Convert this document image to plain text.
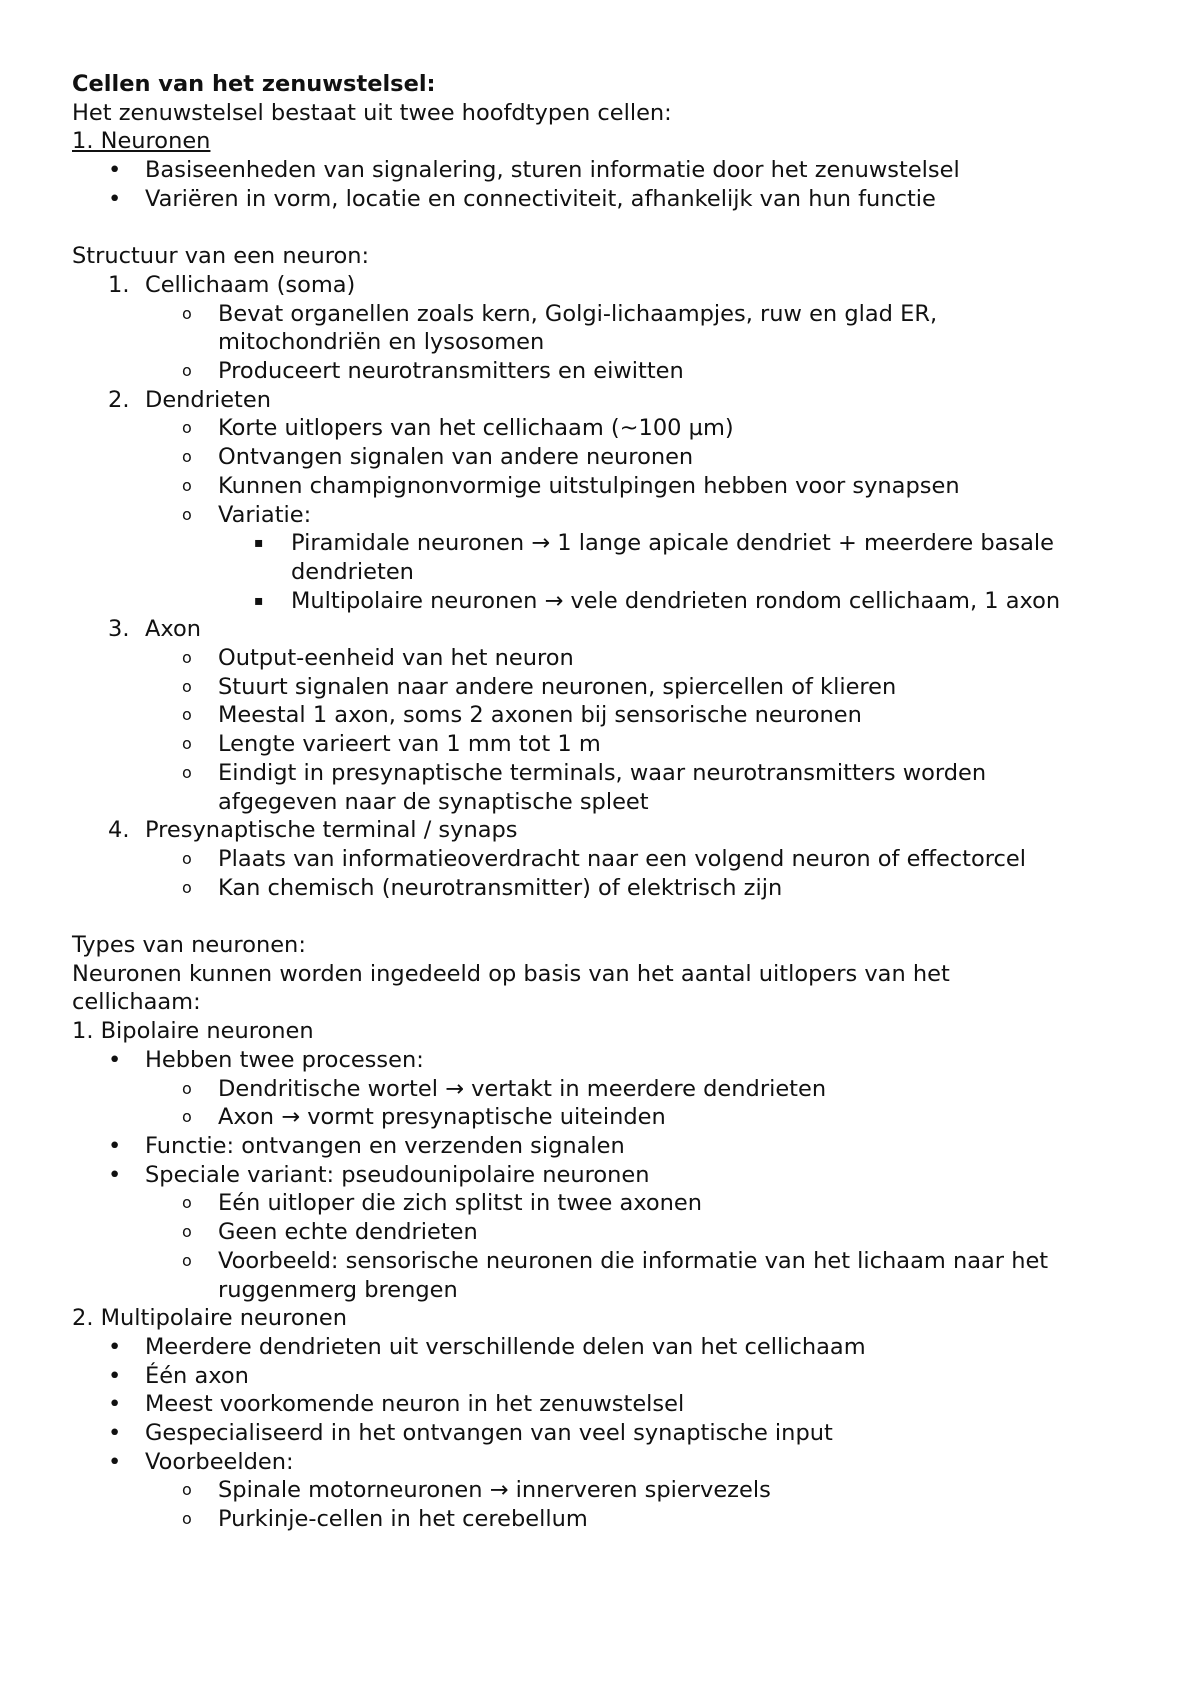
Cellen van het zenuwstelsel:
Het zenuwstelsel bestaat uit twee hoofdtypen cellen:
1. Neuronen
• Basiseenheden van signalering, sturen informatie door het zenuwstelsel
• Variëren in vorm, locatie en connectiviteit, afhankelijk van hun functie
Structuur van een neuron:
1. Cellichaam (soma)
o Bevat organellen zoals kern, Golgi-lichaampjes, ruw en glad ER,
mitochondriën en lysosomen
o Produceert neurotransmitters en eiwitten
2. Dendrieten
o Korte uitlopers van het cellichaam (~100 µm)
o Ontvangen signalen van andere neuronen
o Kunnen champignonvormige uitstulpingen hebben voor synapsen
o Variatie:
▪ Piramidale neuronen → 1 lange apicale dendriet + meerdere basale
dendrieten
▪ Multipolaire neuronen → vele dendrieten rondom cellichaam, 1 axon
3. Axon
o Output-eenheid van het neuron
o Stuurt signalen naar andere neuronen, spiercellen of klieren
o Meestal 1 axon, soms 2 axonen bij sensorische neuronen
o Lengte varieert van 1 mm tot 1 m
o Eindigt in presynaptische terminals, waar neurotransmitters worden
afgegeven naar de synaptische spleet
4. Presynaptische terminal / synaps
o Plaats van informatieoverdracht naar een volgend neuron of effectorcel
o Kan chemisch (neurotransmitter) of elektrisch zijn
Types van neuronen:
Neuronen kunnen worden ingedeeld op basis van het aantal uitlopers van het
cellichaam:
1. Bipolaire neuronen
• Hebben twee processen:
o Dendritische wortel → vertakt in meerdere dendrieten
o Axon → vormt presynaptische uiteinden
• Functie: ontvangen en verzenden signalen
• Speciale variant: pseudounipolaire neuronen
o Eén uitloper die zich splitst in twee axonen
o Geen echte dendrieten
o Voorbeeld: sensorische neuronen die informatie van het lichaam naar het
ruggenmerg brengen
2. Multipolaire neuronen
• Meerdere dendrieten uit verschillende delen van het cellichaam
• Één axon
• Meest voorkomende neuron in het zenuwstelsel
• Gespecialiseerd in het ontvangen van veel synaptische input
• Voorbeelden:
o Spinale motorneuronen → innerveren spiervezels
o Purkinje-cellen in het cerebellum
